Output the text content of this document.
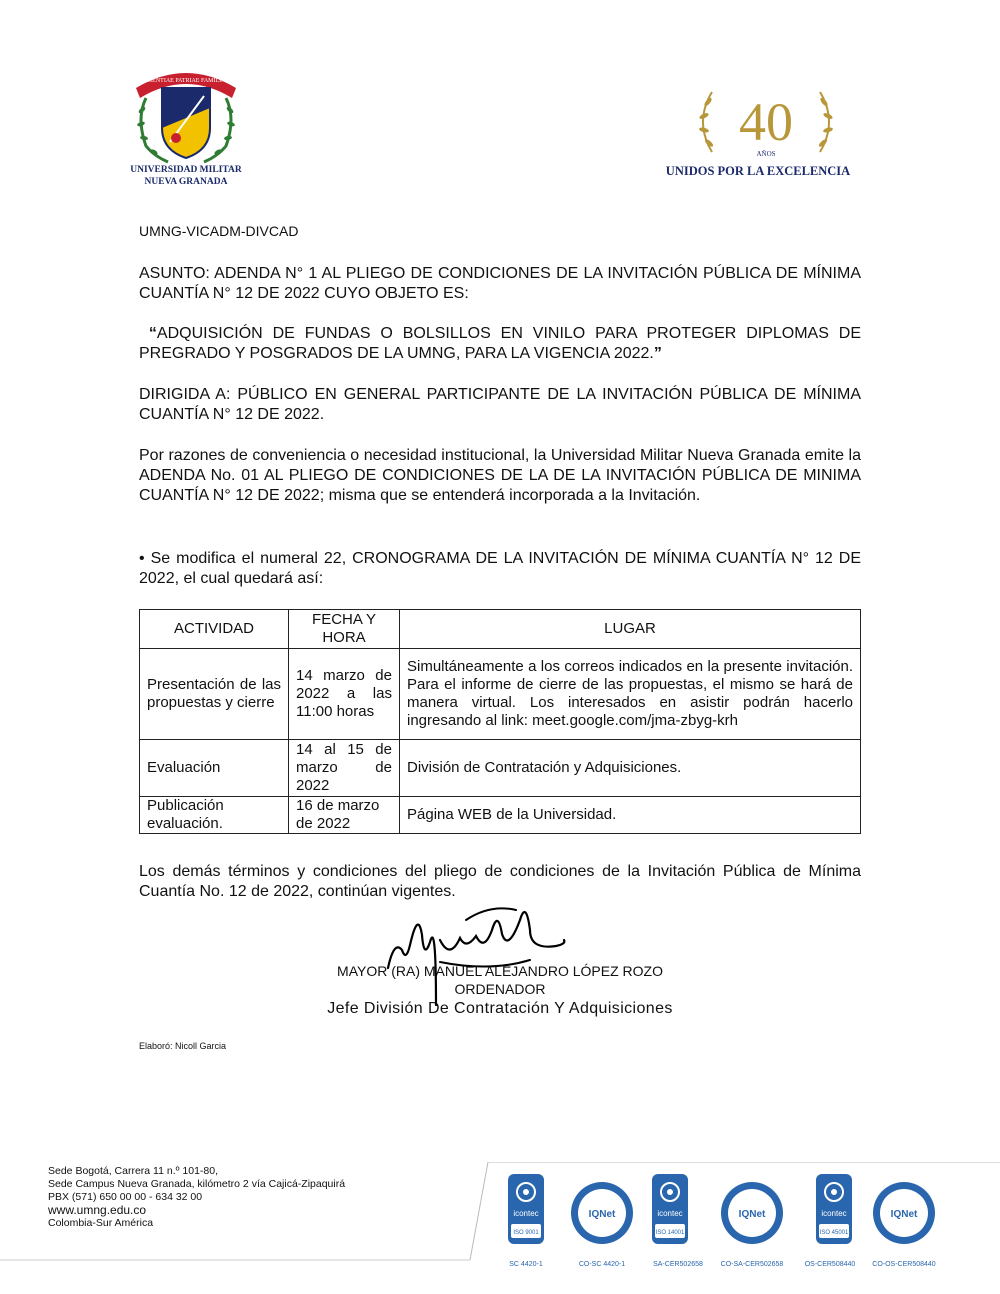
SCIENTIAE PATRIAE FAMILIAE
UNIVERSIDAD MILITAR
NUEVA GRANADA
40
AÑOS
UNIDOS POR LA EXCELENCIA
UMNG-VICADM-DIVCAD
ASUNTO: ADENDA N° 1 AL PLIEGO DE CONDICIONES DE LA INVITACIÓN PÚBLICA DE MÍNIMA CUANTÍA N° 12 DE 2022 CUYO OBJETO ES:
“ADQUISICIÓN DE FUNDAS O BOLSILLOS EN VINILO PARA PROTEGER DIPLOMAS DE PREGRADO Y POSGRADOS DE LA UMNG, PARA LA VIGENCIA 2022.”
DIRIGIDA A: PÚBLICO EN GENERAL PARTICIPANTE DE LA INVITACIÓN PÚBLICA DE MÍNIMA CUANTÍA N° 12 DE 2022.
Por razones de conveniencia o necesidad institucional, la Universidad Militar Nueva Granada emite la ADENDA No. 01 AL PLIEGO DE CONDICIONES DE LA DE LA INVITACIÓN PÚBLICA DE MINIMA CUANTÍA N° 12 DE 2022; misma que se entenderá incorporada a la Invitación.
• Se modifica el numeral 22, CRONOGRAMA DE LA INVITACIÓN DE MÍNIMA CUANTÍA N° 12 DE 2022, el cual quedará así:
ACTIVIDAD	FECHA Y HORA	LUGAR
Presentación de las propuestas y cierre	14 marzo de 2022 a las 11:00 horas	Simultáneamente a los correos indicados en la presente invitación. Para el informe de cierre de las propuestas, el mismo se hará de manera virtual. Los interesados en asistir podrán hacerlo ingresando al link: meet.google.com/jma-zbyg-krh
Evaluación	14 al 15 de marzo de 2022	División de Contratación y Adquisiciones.
Publicación evaluación.	16 de marzo de 2022	Página WEB de la Universidad.
Los demás términos y condiciones del pliego de condiciones de la Invitación Pública de Mínima Cuantía No. 12 de 2022, continúan vigentes.
MAYOR (RA) MANUEL ALEJANDRO LÓPEZ ROZO
ORDENADOR
Jefe División De Contratación Y Adquisiciones
Elaboró: Nicoll Garcia
Sede Bogotá, Carrera 11 n.º 101-80,
Sede Campus Nueva Granada, kilómetro 2 vía Cajicá-Zipaquirá
PBX (571) 650 00 00 - 634 32 00
www.umng.edu.co
Colombia-Sur América
icontec
ISO 9001
SC 4420-1
IQNet
CO-SC 4420-1
icontec
ISO 14001
SA-CER502658
IQNet
CO-SA-CER502658
icontec
ISO 45001
OS-CER508440
IQNet
CO-OS-CER508440
